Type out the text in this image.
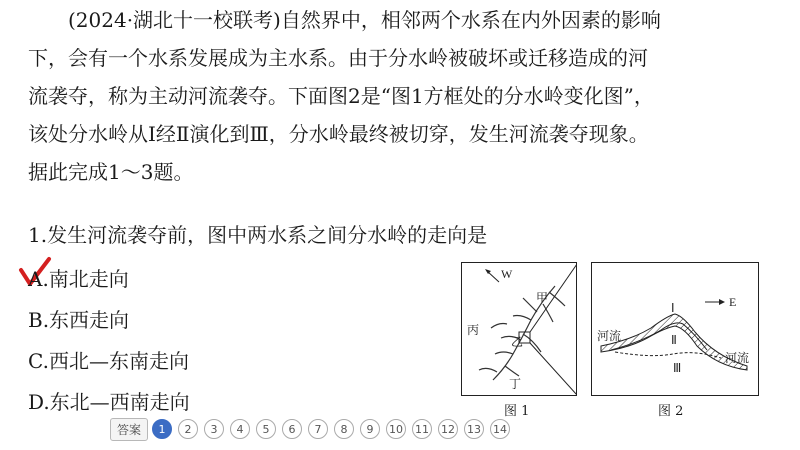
　　(2024·湖北十一校联考)自然界中，相邻两个水系在内外因素的影响
下，会有一个水系发展成为主水系。由于分水岭被破坏或迁移造成的河
流袭夺，称为主动河流袭夺。下面图2是“图1方框处的分水岭变化图”，
该处分水岭从Ⅰ经Ⅱ演化到Ⅲ，分水岭最终被切穿，发生河流袭夺现象。
据此完成1～3题。
1.发生河流袭夺前，图中两水系之间分水岭的走向是
A.南北走向
B.东西走向
C.西北—东南走向
D.东北—西南走向
W
甲
丙
乙
丁
E
Ⅰ
Ⅱ
Ⅲ
河流
河流
图 1	图 2
答案	1	2	3	4	5	6	7	8	9	10 11 12 13 14
